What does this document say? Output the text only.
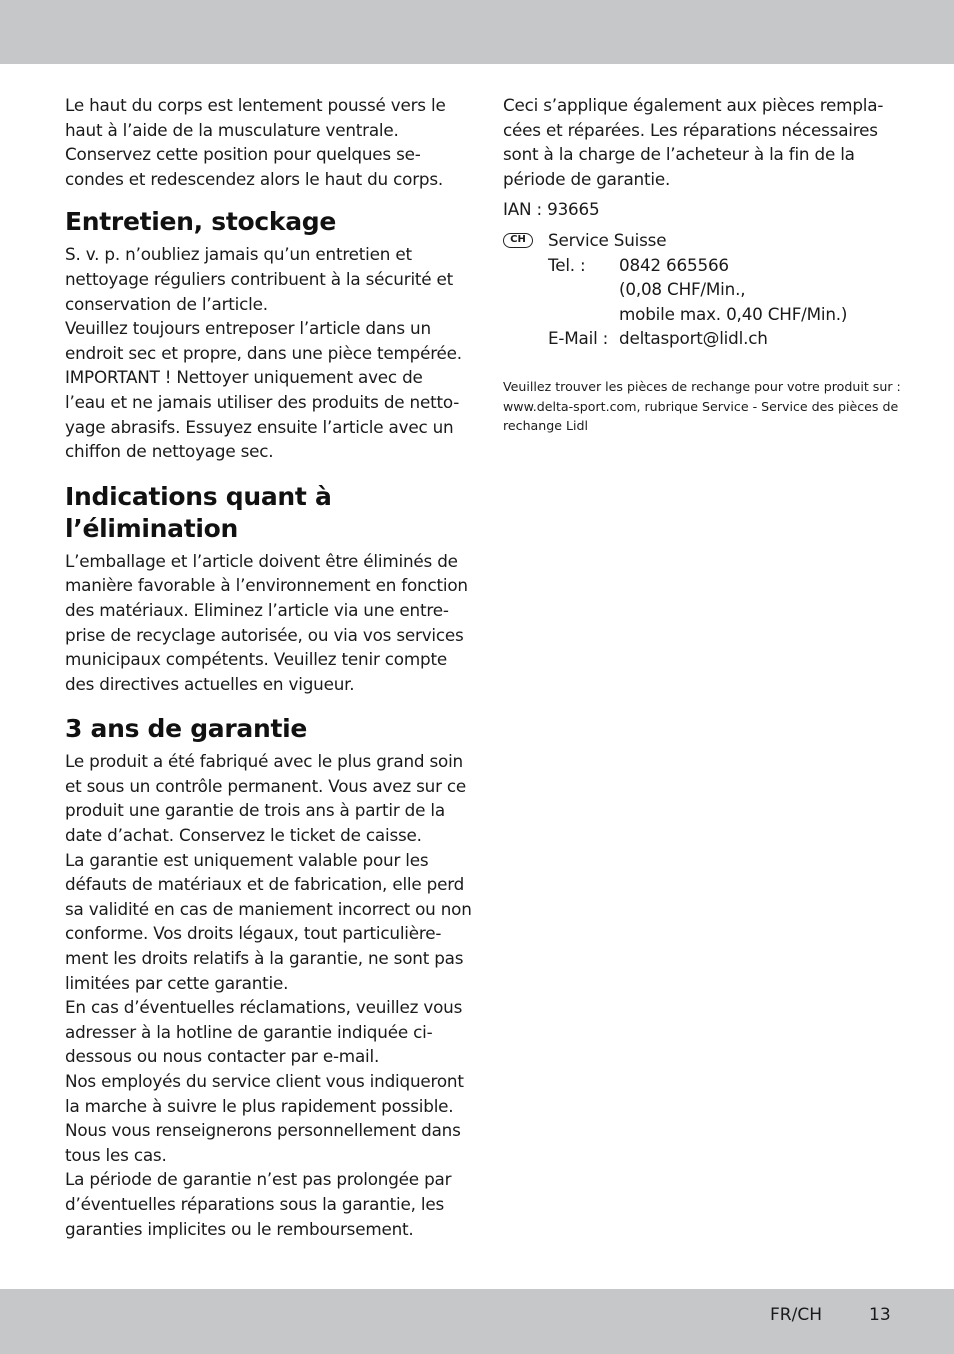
Le haut du corps est lentement poussé vers le
haut à l’aide de la musculature ventrale.
Conservez cette position pour quelques se-
condes et redescendez alors le haut du corps.

Entretien, stockage

S. v. p. n’oubliez jamais qu’un entretien et
nettoyage réguliers contribuent à la sécurité et
conservation de l’article.
Veuillez toujours entreposer l’article dans un
endroit sec et propre, dans une pièce tempérée.
IMPORTANT ! Nettoyer uniquement avec de
l’eau et ne jamais utiliser des produits de netto-
yage abrasifs. Essuyez ensuite l’article avec un
chiffon de nettoyage sec.

Indications quant à
l’élimination

L’emballage et l’article doivent être éliminés de
manière favorable à l’environnement en fonction
des matériaux. Eliminez l’article via une entre-
prise de recyclage autorisée, ou via vos services
municipaux compétents. Veuillez tenir compte
des directives actuelles en vigueur.

3 ans de garantie

Le produit a été fabriqué avec le plus grand soin
et sous un contrôle permanent. Vous avez sur ce
produit une garantie de trois ans à partir de la
date d’achat. Conservez le ticket de caisse.
La garantie est uniquement valable pour les
défauts de matériaux et de fabrication, elle perd
sa validité en cas de maniement incorrect ou non
conforme. Vos droits légaux, tout particulière-
ment les droits relatifs à la garantie, ne sont pas
limitées par cette garantie.
En cas d’éventuelles réclamations, veuillez vous
adresser à la hotline de garantie indiquée ci-
dessous ou nous contacter par e-mail.
Nos employés du service client vous indiqueront
la marche à suivre le plus rapidement possible.
Nous vous renseignerons personnellement dans
tous les cas.
La période de garantie n’est pas prolongée par
d’éventuelles réparations sous la garantie, les
garanties implicites ou le remboursement.

Ceci s’applique également aux pièces rempla-
cées et réparées. Les réparations nécessaires
sont à la charge de l’acheteur à la fin de la
période de garantie.

IAN : 93665

CH	Service Suisse
Tel. :	0842 665566
(0,08 CHF/Min.,
mobile max. 0,40 CHF/Min.)
E-Mail : deltasport@lidl.ch
Veuillez trouver les pièces de rechange pour votre produit sur :
www.delta-sport.com, rubrique Service - Service des pièces de
rechange Lidl
FR/CH	13
